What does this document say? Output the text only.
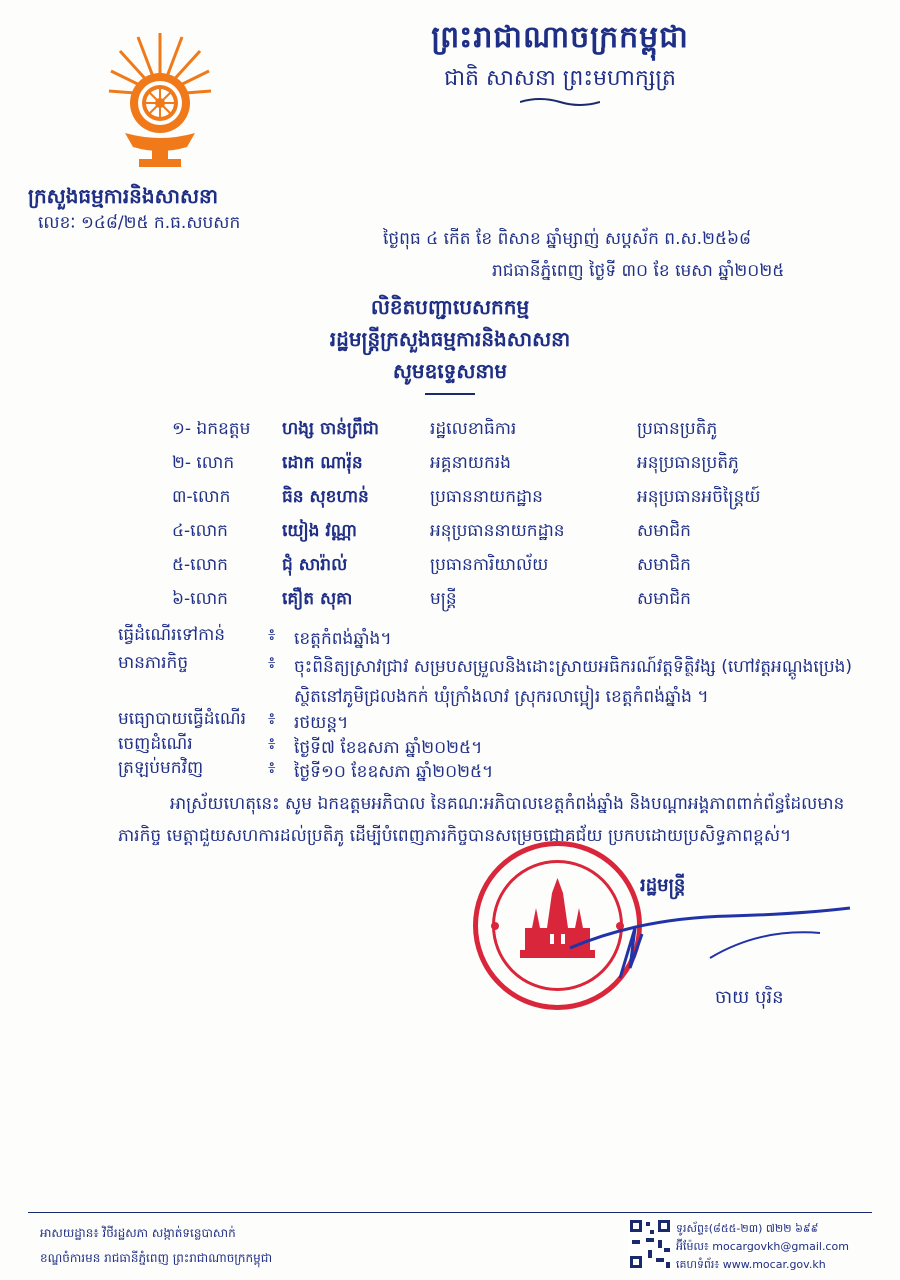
ព្រះរាជាណាចក្រកម្ពុជា
ជាតិ សាសនា ព្រះមហាក្សត្រ
ក្រសួងធម្មការនិងសាសនា
លេខៈ ១៤៨/២៥ ក.ធ.សបសក
ថ្ងៃពុធ ៤ កើត ខែ ពិសាខ ឆ្នាំម្សាញ់ សប្តស័ក ព.ស.២៥៦៨
រាជធានីភ្នំពេញ ថ្ងៃទី ៣០ ខែ មេសា ឆ្នាំ២០២៥
លិខិតបញ្ជាបេសកកម្ម
រដ្ឋមន្ត្រីក្រសួងធម្មការនិងសាសនា
សូមឧទ្ទេសនាម
១- ឯកឧត្តម ហង្ស ចាន់ព្រឹជា	រដ្ឋលេខាធិការ	ប្រធានប្រតិភូ
២- លោក	ដោក ណារ៉ុន	អគ្គនាយករង	អនុប្រធានប្រតិភូ
៣-លោក	ធិន សុខហាន់	ប្រធាននាយកដ្ឋាន	អនុប្រធានអចិន្ត្រៃយ៍
៤-លោក	យៀង វណ្ណា	អនុប្រធាននាយកដ្ឋាន	សមាជិក
៥-លោក	ជុំ សារ៉ាល់	ប្រធានការិយាល័យ	សមាជិក
៦-លោក	គឿត សុគា	មន្ត្រី	សមាជិក
ធ្វើដំណើរទៅកាន់	៖ ខេត្តកំពង់ឆ្នាំង។
មានភារកិច្ច	៖ ចុះពិនិត្យស្រាវជ្រាវ សម្របសម្រួលនិងដោះស្រាយអធិករណ៍វត្តទិត្ថិវង្ស (ហៅវត្តអណ្តូងប្រេង) ស្ថិតនៅភូមិជ្រលងកក់ ឃុំក្រាំងលាវ ស្រុករលាប្អៀរ ខេត្តកំពង់ឆ្នាំង ។
មធ្យោបាយធ្វើដំណើរ ៖ រថយន្ត។
ចេញដំណើរ	៖ ថ្ងៃទី៧ ខែឧសភា ឆ្នាំ២០២៥។
អាស្រ័យហេតុនេះ សូម ឯកឧត្តមអភិបាល នៃគណៈអភិបាលខេត្តកំពង់ឆ្នាំង និងបណ្តាអង្គភាពពាក់ព័ន្ធដែលមានភារកិច្ច មេត្តាជួយសហការដល់ប្រតិភូ ដើម្បីបំពេញភារកិច្ចបានសម្រេចជោគជ័យ ប្រកបដោយប្រសិទ្ធភាពខ្ពស់។
រដ្ឋមន្ត្រី
ចាយ បុរិន
អាសយដ្ឋាន៖ វិថីរដ្ឋសភា សង្កាត់ទន្លេបាសាក់
ខណ្ឌចំការមន រាជធានីភ្នំពេញ ព្រះរាជាណាចក្រកម្ពុជា
ទូរស័ព្ទ៖(៨៥៥-២៣) ៧២២ ៦៩៩
អ៊ីម៉ែល៖ mocargovkh@gmail.com
គេហទំព័រ៖ www.mocar.gov.kh
ត្រឡប់មកវិញ	៖ ថ្ងៃទី១០ ខែឧសភា ឆ្នាំ២០២៥។
